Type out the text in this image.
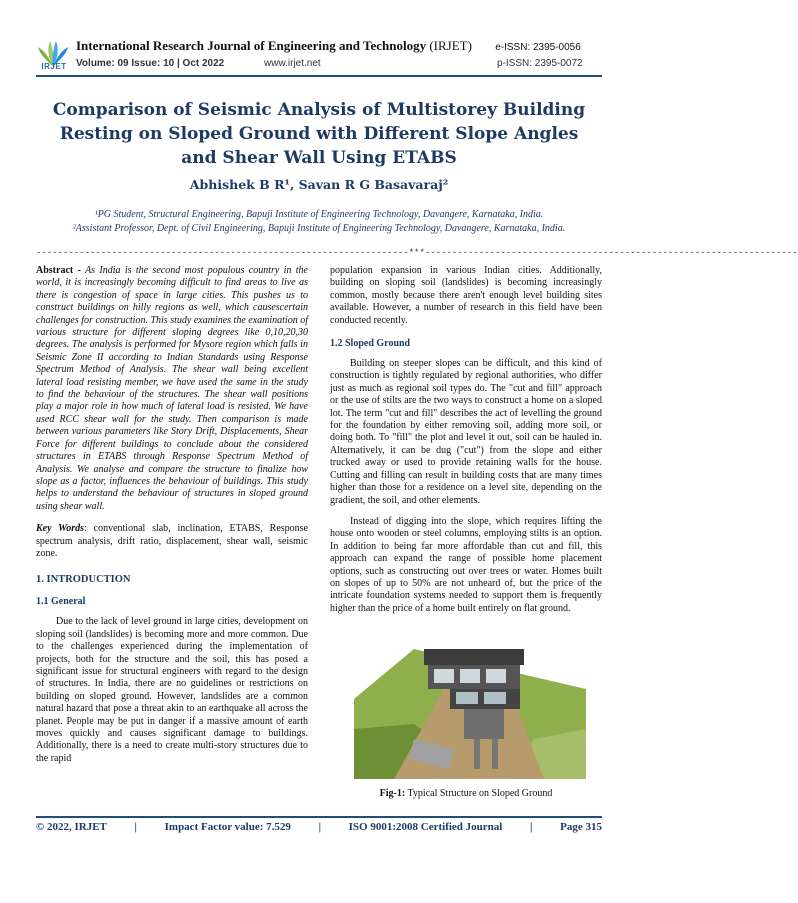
IRJET
International Research Journal of Engineering and Technology (IRJET) e-ISSN: 2395-0056
Volume: 09 Issue: 10 | Oct 2022	www.irjet.net	p-ISSN: 2395-0072
Comparison of Seismic Analysis of Multistorey Building Resting on Sloped Ground with Different Slope Angles and Shear Wall Using ETABS
Abhishek B R¹, Savan R G Basavaraj²
¹PG Student, Structural Engineering, Bapuji Institute of Engineering Technology, Davangere, Karnataka, India.
²Assistant Professor, Dept. of Civil Engineering, Bapuji Institute of Engineering Technology, Davangere, Karnataka, India.
---------------------------------------------------------------------***---------------------------------------------------------------------

Abstract - As India is the second most populous country in the world, it is increasingly becoming difficult to find areas to live as there is congestion of space in large cities. This pushes us to construct buildings on hilly regions as well, which causescertain challenges for construction. This study examines the examination of various structure for different sloping degrees like 0,10,20,30 degrees. The analysis is performed for Mysore region which falls in Seismic Zone II according to Indian Standards using Response Spectrum Method of Analysis. The shear wall being excellent lateral load resisting member, we have used the same in the study to find the behaviour of the structures. The shear wall positions play a major role in how much of lateral load is resisted. We have used RCC shear wall for the study. Then comparison is made between various parameters like Story Drift, Displacements, Shear Force for different buildings to conclude about the considered structures in ETABS through Response Spectrum Method of Analysis. We analyse and compare the structure to finalize how slope as a factor, influences the behaviour of buildings. This study helps to understand the behaviour of structures in sloped ground using shear wall.

Key Words: conventional slab, inclination, ETABS, Response spectrum analysis, drift ratio, displacement, shear wall, seismic zone.

1. INTRODUCTION
1.1 General

Due to the lack of level ground in large cities, development on sloping soil (landslides) is becoming more and more common. Due to the challenges experienced during the implementation of projects, both for the structure and the soil, this has posed a significant issue for structural engineers with regard to the design of structures. In India, there are no guidelines or restrictions on building on sloped ground. However, landslides are a common natural hazard that pose a threat akin to an earthquake all across the planet. People may be put in danger if a massive amount of earth moves quickly and causes significant damage to buildings. Additionally, there is a need to create multi-story structures due to the rapid

population expansion in various Indian cities. Additionally, building on sloping soil (landslides) is becoming increasingly common, mostly because there aren't enough level building sites available. However, a number of research in this field have been conducted recently.

1.2 Sloped Ground

Building on steeper slopes can be difficult, and this kind of construction is tightly regulated by regional authorities, who differ just as much as regional soil types do. The "cut and fill" approach or the use of stilts are the two ways to construct a home on a sloped lot. The term "cut and fill" describes the act of levelling the ground for the foundation by either removing soil, adding more soil, or doing both. To "fill" the plot and level it out, soil can be hauled in. Alternatively, it can be dug ("cut") from the slope and either trucked away or used to provide retaining walls for the house. Cutting and filling can result in building costs that are many times higher than those for a residence on a level site, depending on the gradient, the soil, and other elements.

Instead of digging into the slope, which requires lifting the house onto wooden or steel columns, employing stilts is an option. In addition to being far more affordable than cut and fill, this approach can expand the range of possible home placement options, such as constructing out over trees or water. Homes built on slopes of up to 50% are not unheard of, but the price of the intricate foundation systems needed to support them is frequently higher than the price of a home built entirely on flat ground.

Fig-1: Typical Structure on Sloped Ground
© 2022, IRJET	|	Impact Factor value: 7.529	|	ISO 9001:2008 Certified Journal	|	Page 315
